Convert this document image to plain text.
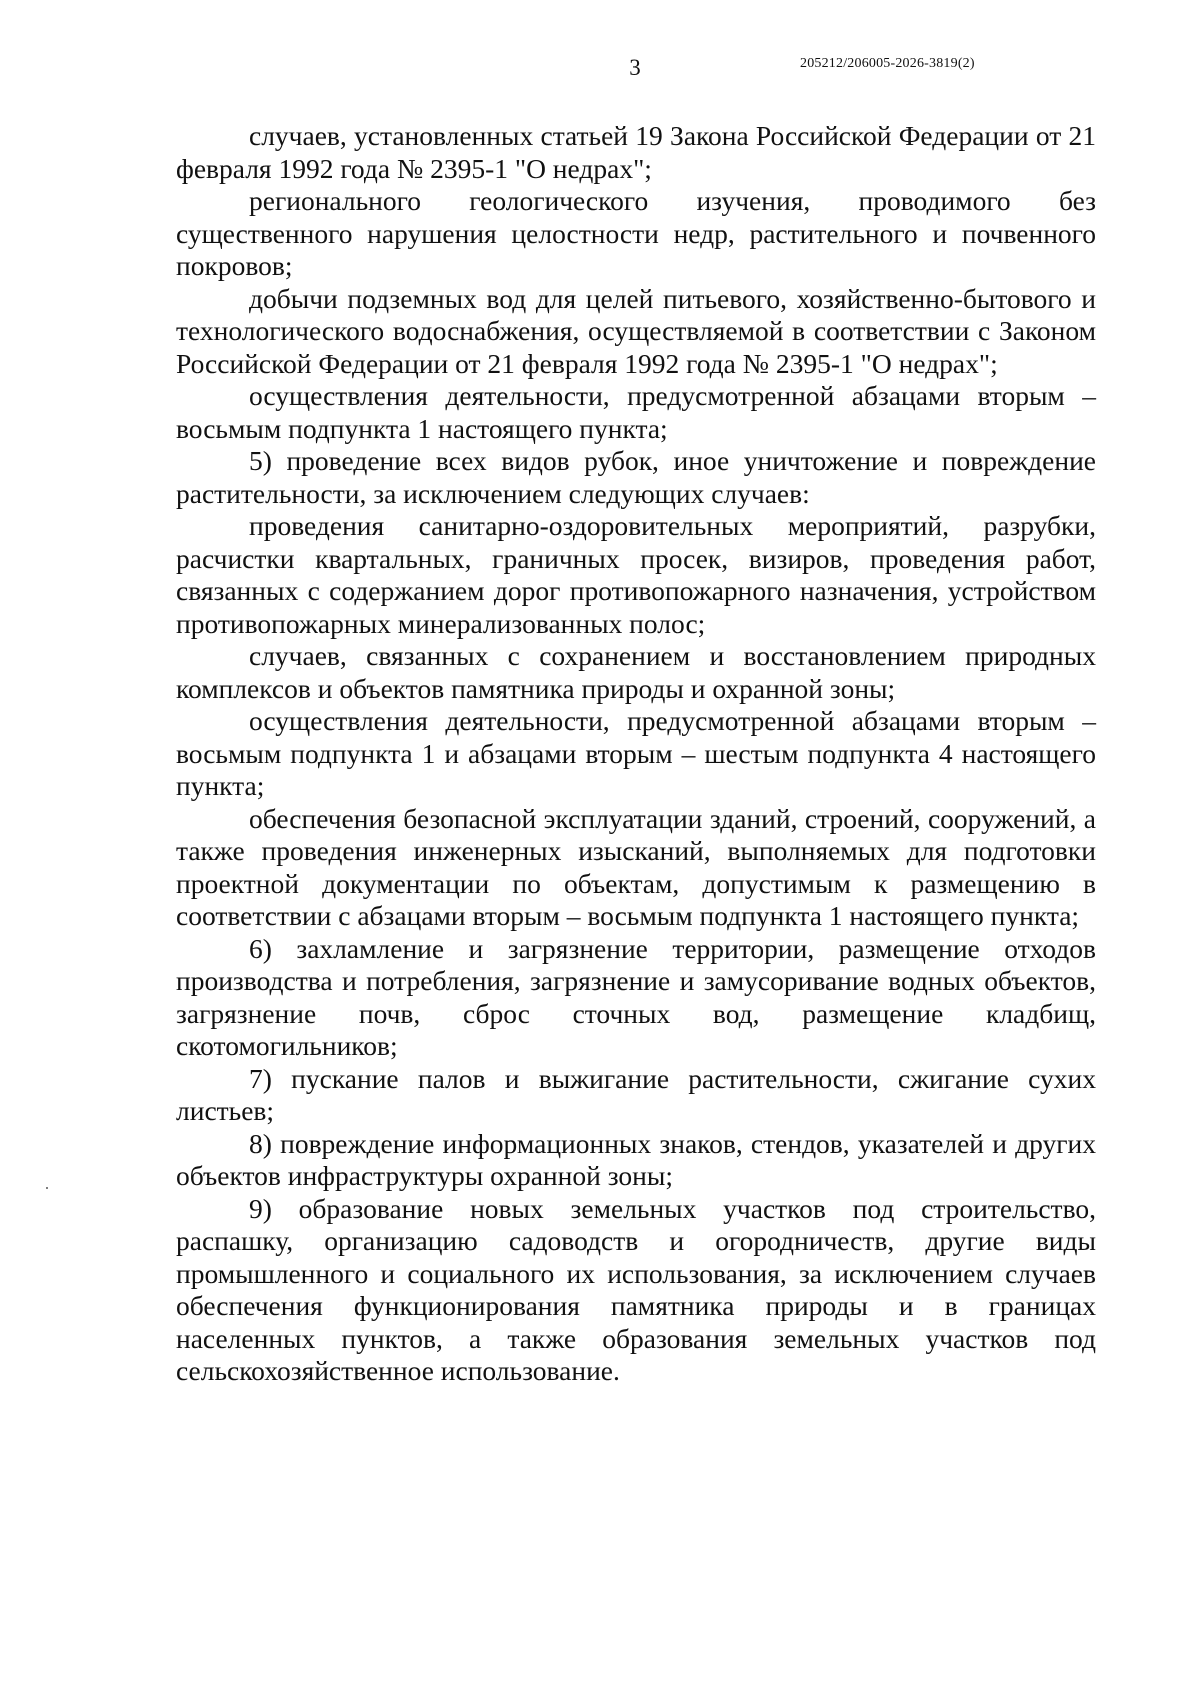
3	205212/206005-2026-3819(2)

случаев, установленных статьей 19 Закона Российской Федерации от 21 февраля 1992 года № 2395-1 "О недрах";

регионального геологического изучения, проводимого без существенного нарушения целостности недр, растительного и почвенного покровов;

добычи подземных вод для целей питьевого, хозяйственно-бытового и технологического водоснабжения, осуществляемой в соответствии с Законом Российской Федерации от 21 февраля 1992 года № 2395-1 "О недрах";

осуществления деятельности, предусмотренной абзацами вторым – восьмым подпункта 1 настоящего пункта;

5) проведение всех видов рубок, иное уничтожение и повреждение растительности, за исключением следующих случаев:

проведения санитарно-оздоровительных мероприятий, разрубки, расчистки квартальных, граничных просек, визиров, проведения работ, связанных с содержанием дорог противопожарного назначения, устройством противопожарных минерализованных полос;

случаев, связанных с сохранением и восстановлением природных комплексов и объектов памятника природы и охранной зоны;

осуществления деятельности, предусмотренной абзацами вторым – восьмым подпункта 1 и абзацами вторым – шестым подпункта 4 настоящего пункта;

обеспечения безопасной эксплуатации зданий, строений, сооружений, а также проведения инженерных изысканий, выполняемых для подготовки проектной документации по объектам, допустимым к размещению в соответствии с абзацами вторым – восьмым подпункта 1 настоящего пункта;

6) захламление и загрязнение территории, размещение отходов производства и потребления, загрязнение и замусоривание водных объектов, загрязнение почв, сброс сточных вод, размещение кладбищ, скотомогильников;

7) пускание палов и выжигание растительности, сжигание сухих листьев;

8) повреждение информационных знаков, стендов, указателей и других объектов инфраструктуры охранной зоны;

9) образование новых земельных участков под строительство, распашку, организацию садоводств и огородничеств, другие виды промышленного и социального их использования, за исключением случаев обеспечения функционирования памятника природы и в границах населенных пунктов, а также образования земельных участков под сельскохозяйственное использование.
